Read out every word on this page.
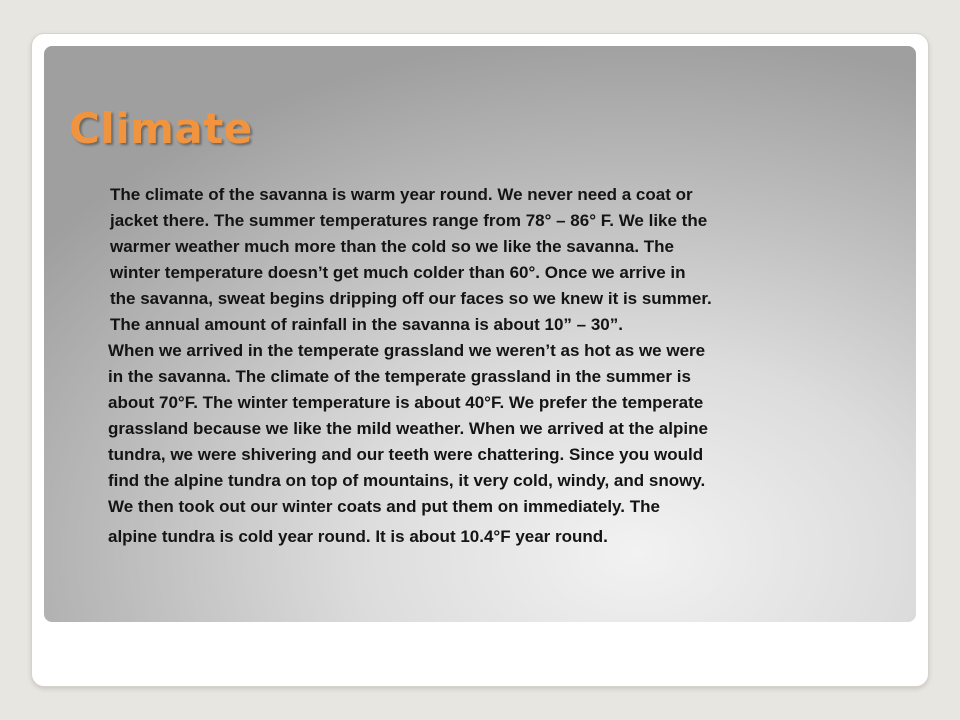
Climate

The climate of the savanna is warm year round. We never need a coat or
jacket there. The summer temperatures range from 78° – 86° F. We like the
warmer weather much more than the cold so we like the savanna. The
winter temperature doesn’t get much colder than 60°. Once we arrive in
the savanna, sweat begins dripping off our faces so we knew it is summer.
The annual amount of rainfall in the savanna is about 10” – 30”.
When we arrived in the temperate grassland we weren’t as hot as we were
in the savanna. The climate of the temperate grassland in the summer is
about 70°F. The winter temperature is about 40°F. We prefer the temperate
grassland because we like the mild weather. When we arrived at the alpine
tundra, we were shivering and our teeth were chattering. Since you would
find the alpine tundra on top of mountains, it very cold, windy, and snowy.
We then took out our winter coats and put them on immediately. The
alpine tundra is cold year round. It is about 10.4°F year round.
